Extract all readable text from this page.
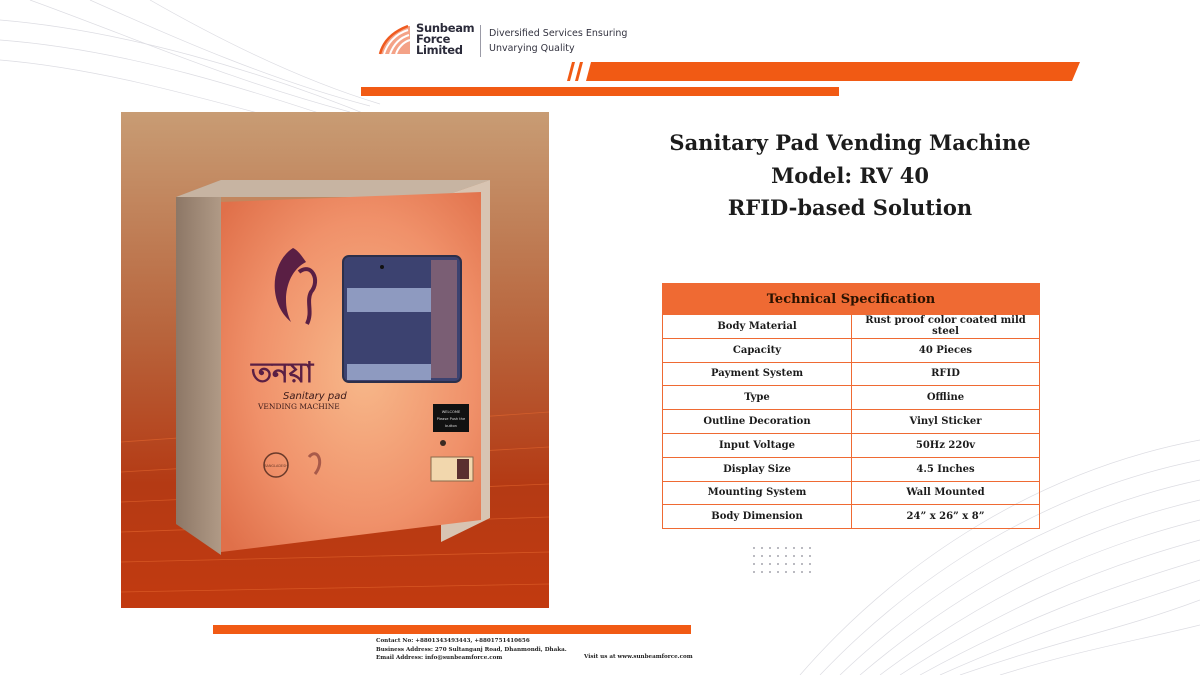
Sunbeam
Force
Limited
Diversified Services Ensuring
Unvarying Quality
তনয়া
Sanitary pad
VENDING MACHINE
WELCOME
Please Push the
button
BANGLADESH
Sanitary Pad Vending Machine
Model: RV 40
RFID-based Solution
Technical Specification	
Body Material	Rust proof color coated mild steel
Capacity	40 Pieces
Payment System	RFID
Type	Offline
Outline Decoration	Vinyl Sticker
Input Voltage	50Hz 220v
Display Size	4.5 Inches
Mounting System	Wall Mounted
Body Dimension	24” x 26” x 8”
Contact No: +8801343493443, +8801751410656
Business Address: 270 Sultanganj Road, Dhanmondi, Dhaka.
Email Address: info@sunbeamforce.com	Visit us at www.sunbeamforce.com
